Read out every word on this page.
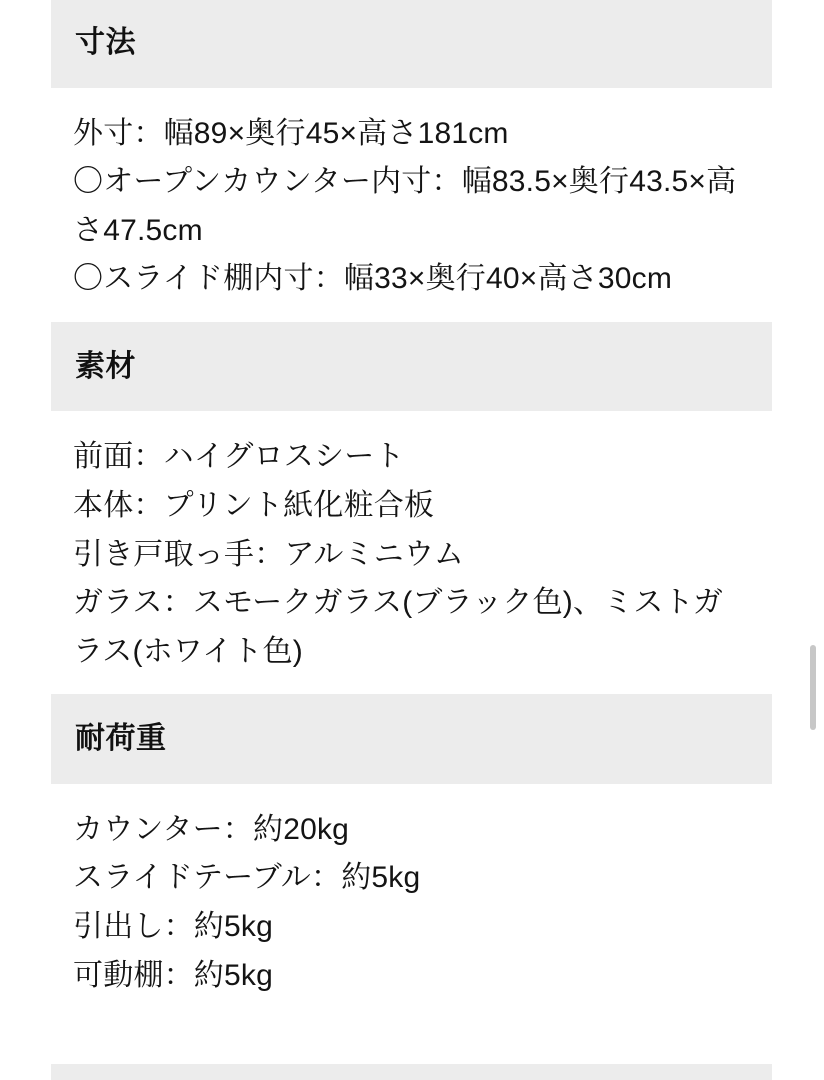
寸法
外寸：幅89×奥行45×高さ181cm
〇オープンカウンター内寸：幅83.5×奥行43.5×高さ47.5cm
〇スライド棚内寸：幅33×奥行40×高さ30cm
素材
前面：ハイグロスシート
本体：プリント紙化粧合板
引き戸取っ手：アルミニウム
ガラス：スモークガラス(ブラック色)、ミストガラス(ホワイト色)
耐荷重
カウンター：約20kg
スライドテーブル：約5kg
引出し：約5kg
可動棚：約5kg
